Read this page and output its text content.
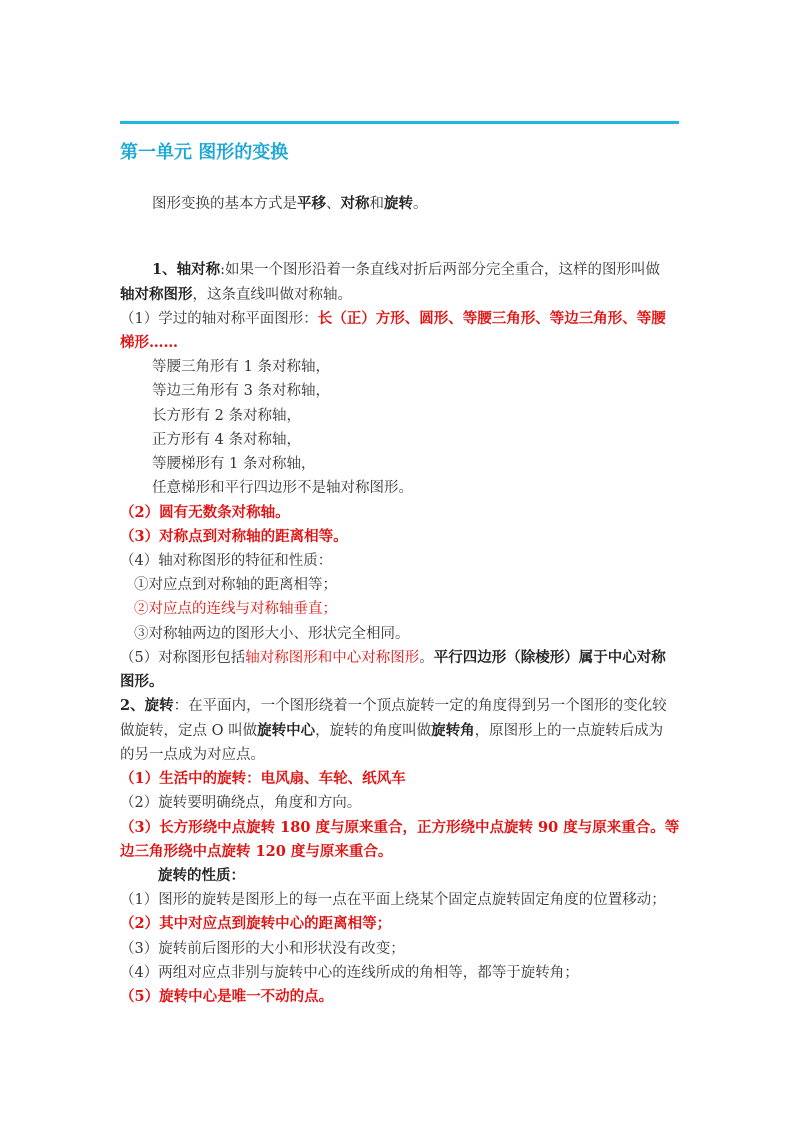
第一单元 图形的变换
图形变换的基本方式是平移、对称和旋转。
1、轴对称:如果一个图形沿着一条直线对折后两部分完全重合，这样的图形叫做
轴对称图形，这条直线叫做对称轴。
（1）学过的轴对称平面图形：长（正）方形、圆形、等腰三角形、等边三角形、等腰
梯形……
等腰三角形有 1 条对称轴，
等边三角形有 3 条对称轴，
长方形有 2 条对称轴，
正方形有 4 条对称轴，
等腰梯形有 1 条对称轴，
任意梯形和平行四边形不是轴对称图形。
（2）圆有无数条对称轴。
（3）对称点到对称轴的距离相等。
（4）轴对称图形的特征和性质：
①对应点到对称轴的距离相等；
②对应点的连线与对称轴垂直；
③对称轴两边的图形大小、形状完全相同。
（5）对称图形包括轴对称图形和中心对称图形。平行四边形（除棱形）属于中心对称
图形。
2、旋转：在平面内，一个图形绕着一个顶点旋转一定的角度得到另一个图形的变化较
做旋转，定点 O 叫做旋转中心，旋转的角度叫做旋转角，原图形上的一点旋转后成为
的另一点成为对应点。
（1）生活中的旋转：电风扇、车轮、纸风车
（2）旋转要明确绕点，角度和方向。
（3）长方形绕中点旋转 180 度与原来重合，正方形绕中点旋转 90 度与原来重合。等
边三角形绕中点旋转 120 度与原来重合。
旋转的性质：
（1）图形的旋转是图形上的每一点在平面上绕某个固定点旋转固定角度的位置移动；
（2）其中对应点到旋转中心的距离相等；
（3）旋转前后图形的大小和形状没有改变；
（4）两组对应点非别与旋转中心的连线所成的角相等，都等于旋转角；
（5）旋转中心是唯一不动的点。
